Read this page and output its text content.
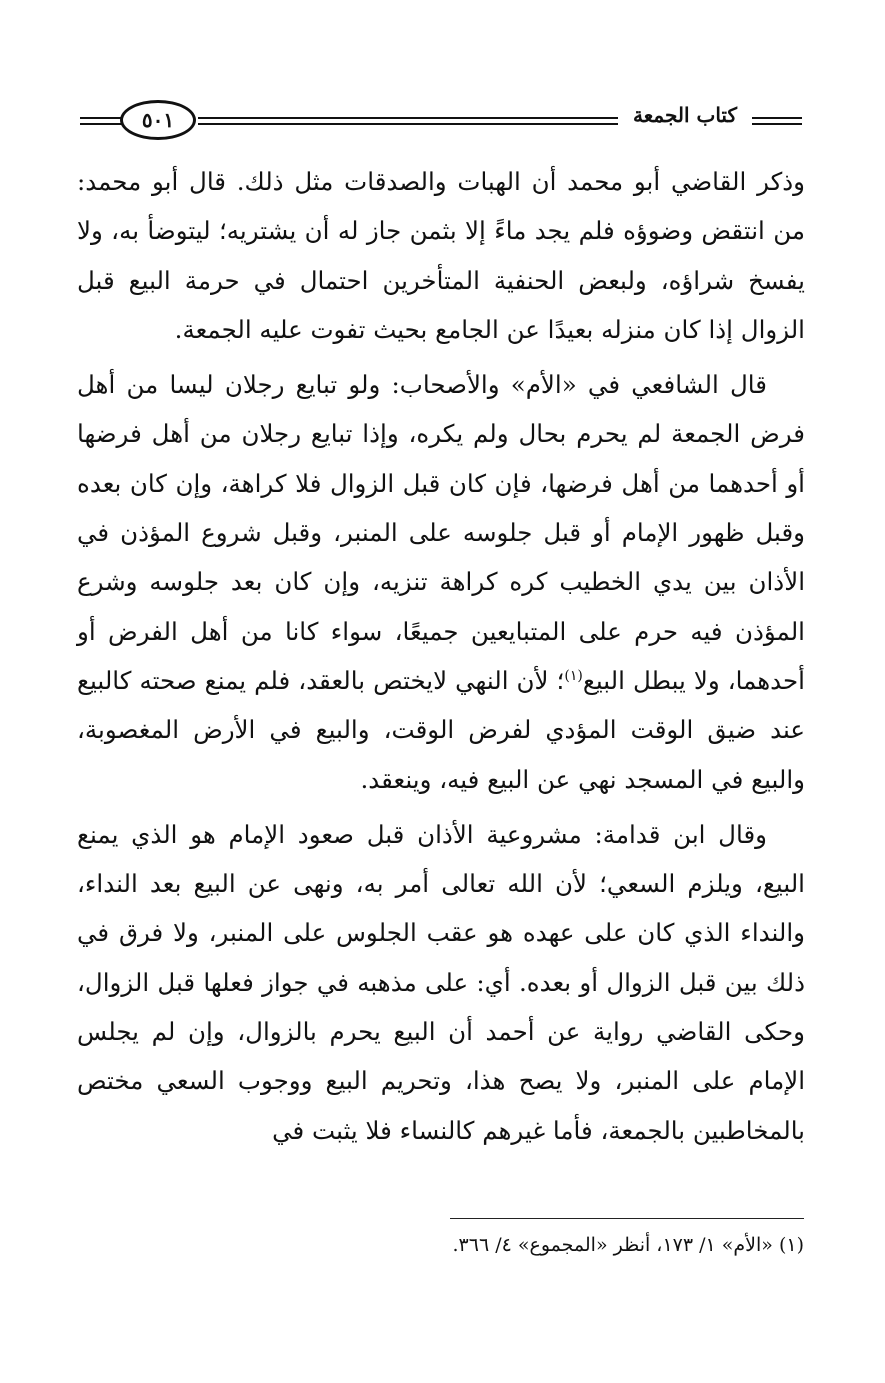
٥٠١	كتاب الجمعة

وذكر القاضي أبو محمد أن الهبات والصدقات مثل ذلك. قال أبو محمد: من انتقض وضوؤه فلم يجد ماءً إلا بثمن جاز له أن يشتريه؛ ليتوضأ به، ولا يفسخ شراؤه، ولبعض الحنفية المتأخرين احتمال في حرمة البيع قبل الزوال إذا كان منزله بعيدًا عن الجامع بحيث تفوت عليه الجمعة.

قال الشافعي في «الأم» والأصحاب: ولو تبايع رجلان ليسا من أهل فرض الجمعة لم يحرم بحال ولم يكره، وإذا تبايع رجلان من أهل فرضها أو أحدهما من أهل فرضها، فإن كان قبل الزوال فلا كراهة، وإن كان بعده وقبل ظهور الإمام أو قبل جلوسه على المنبر، وقبل شروع المؤذن في الأذان بين يدي الخطيب كره كراهة تنزيه، وإن كان بعد جلوسه وشرع المؤذن فيه حرم على المتبايعين جميعًا، سواء كانا من أهل الفرض أو أحدهما، ولا يبطل البيع$^{(١)}$؛ لأن النهي لايختص بالعقد، فلم يمنع صحته كالبيع عند ضيق الوقت المؤدي لفرض الوقت، والبيع في الأرض المغصوبة، والبيع في المسجد نهي عن البيع فيه، وينعقد.

وقال ابن قدامة: مشروعية الأذان قبل صعود الإمام هو الذي يمنع البيع، ويلزم السعي؛ لأن الله تعالى أمر به، ونهى عن البيع بعد النداء، والنداء الذي كان على عهده هو عقب الجلوس على المنبر، ولا فرق في ذلك بين قبل الزوال أو بعده. أي: على مذهبه في جواز فعلها قبل الزوال، وحكى القاضي رواية عن أحمد أن البيع يحرم بالزوال، وإن لم يجلس الإمام على المنبر، ولا يصح هذا، وتحريم البيع ووجوب السعي مختص بالمخاطبين بالجمعة، فأما غيرهم كالنساء فلا يثبت في

(١) «الأم» ١/ ١٧٣، أنظر «المجموع» ٤/ ٣٦٦.
